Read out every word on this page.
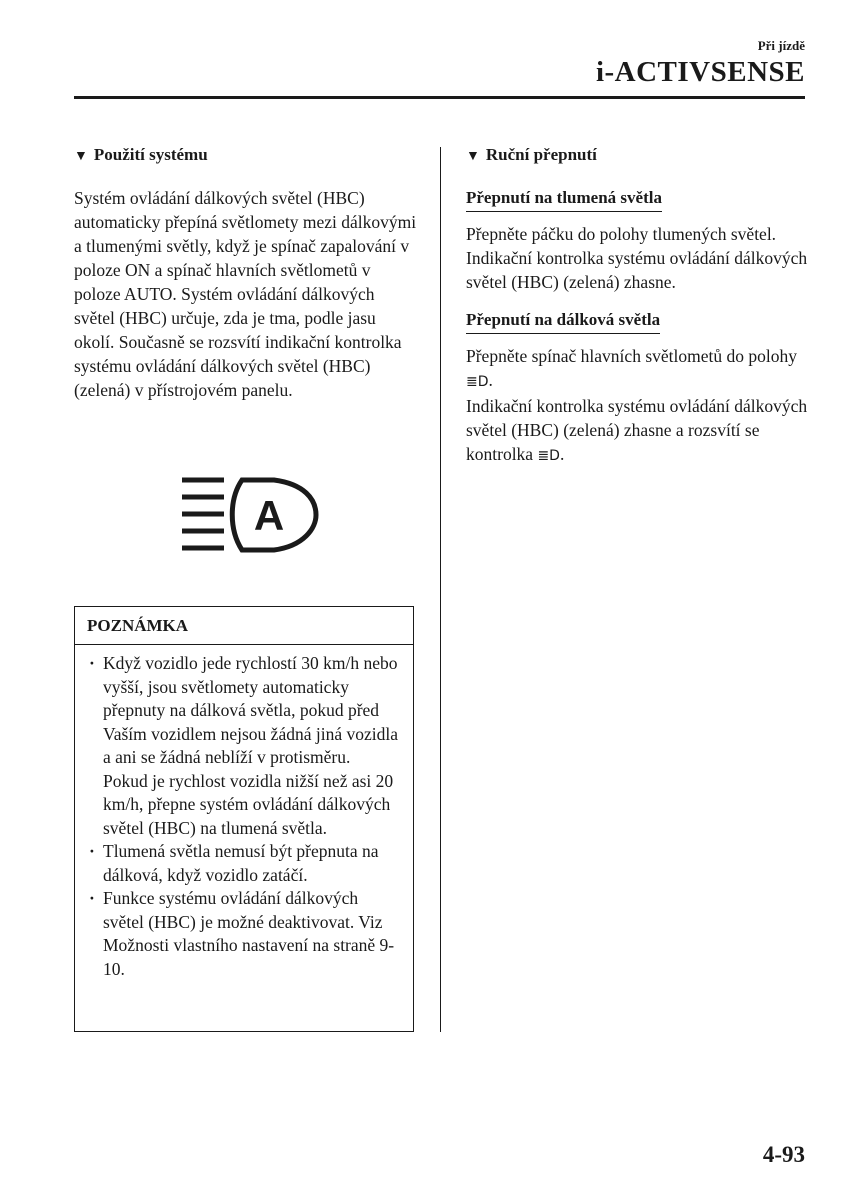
Při jízdě
i-ACTIVSENSE
▼ Použití systému

Systém ovládání dálkových světel (HBC) automaticky přepíná světlomety mezi dálkovými a tlumenými světly, když je spínač zapalování v poloze ON a spínač hlavních světlometů v poloze AUTO. Systém ovládání dálkových světel (HBC) určuje, zda je tma, podle jasu okolí. Současně se rozsvítí indikační kontrolka systému ovládání dálkových světel (HBC) (zelená) v přístrojovém panelu.

A
POZNÁMKA
· Když vozidlo jede rychlostí 30 km/h nebo vyšší, jsou světlomety automaticky přepnuty na dálková světla, pokud před Vaším vozidlem nejsou žádná jiná vozidla a ani se žádná neblíží v protisměru.
Pokud je rychlost vozidla nižší než asi 20 km/h, přepne systém ovládání dálkových světel (HBC) na tlumená světla.
· Tlumená světla nemusí být přepnuta na dálková, když vozidlo zatáčí.
· Funkce systému ovládání dálkových světel (HBC) je možné deaktivovat. Viz Možnosti vlastního nastavení na straně 9-10.
▼ Ruční přepnutí
Přepnutí na tlumená světla

Přepněte páčku do polohy tlumených světel.

Indikační kontrolka systému ovládání dálkových světel (HBC) (zelená) zhasne.

Přepnutí na dálková světla

Přepněte spínač hlavních světlometů do polohy ≣D.

Indikační kontrolka systému ovládání dálkových světel (HBC) (zelená) zhasne a rozsvítí se kontrolka ≣D.

4-93
